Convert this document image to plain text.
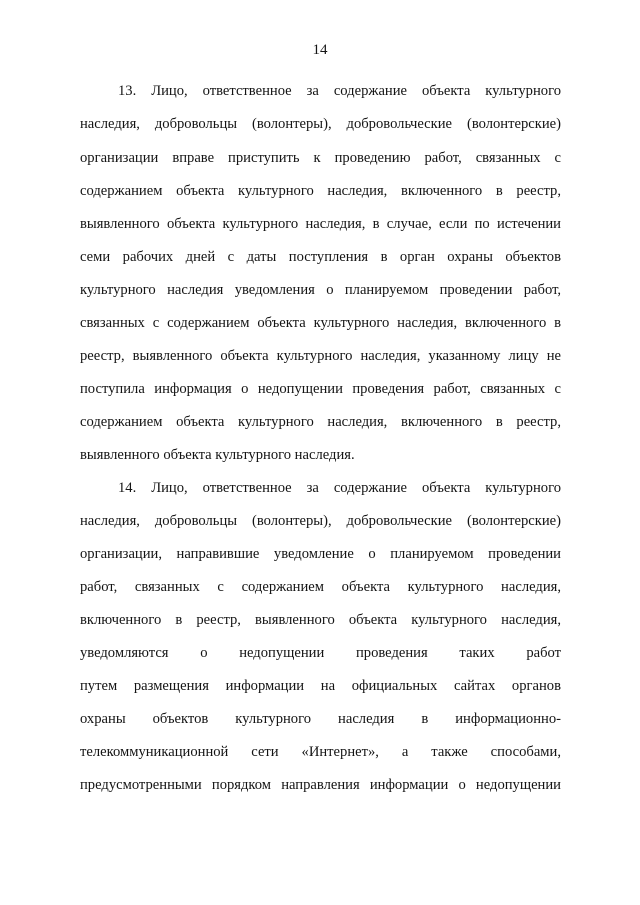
14
13. Лицо, ответственное за содержание объекта культурного
наследия, добровольцы (волонтеры), добровольческие (волонтерские)
организации вправе приступить к проведению работ, связанных с
содержанием объекта культурного наследия, включенного в реестр,
выявленного объекта культурного наследия, в случае, если по истечении
семи рабочих дней с даты поступления в орган охраны объектов
культурного наследия уведомления о планируемом проведении работ,
связанных с содержанием объекта культурного наследия, включенного в
реестр, выявленного объекта культурного наследия, указанному лицу не
поступила информация о недопущении проведения работ, связанных с
содержанием объекта культурного наследия, включенного в реестр,
выявленного объекта культурного наследия.
14. Лицо, ответственное за содержание объекта культурного
наследия, добровольцы (волонтеры), добровольческие (волонтерские)
организации, направившие уведомление о планируемом проведении
работ, связанных с содержанием объекта культурного наследия,
включенного в реестр, выявленного объекта культурного наследия,
уведомляются о недопущении проведения таких работ
путем размещения информации на официальных сайтах органов
охраны объектов культурного наследия в информационно-
телекоммуникационной сети «Интернет», а также способами,
предусмотренными порядком направления информации о недопущении
